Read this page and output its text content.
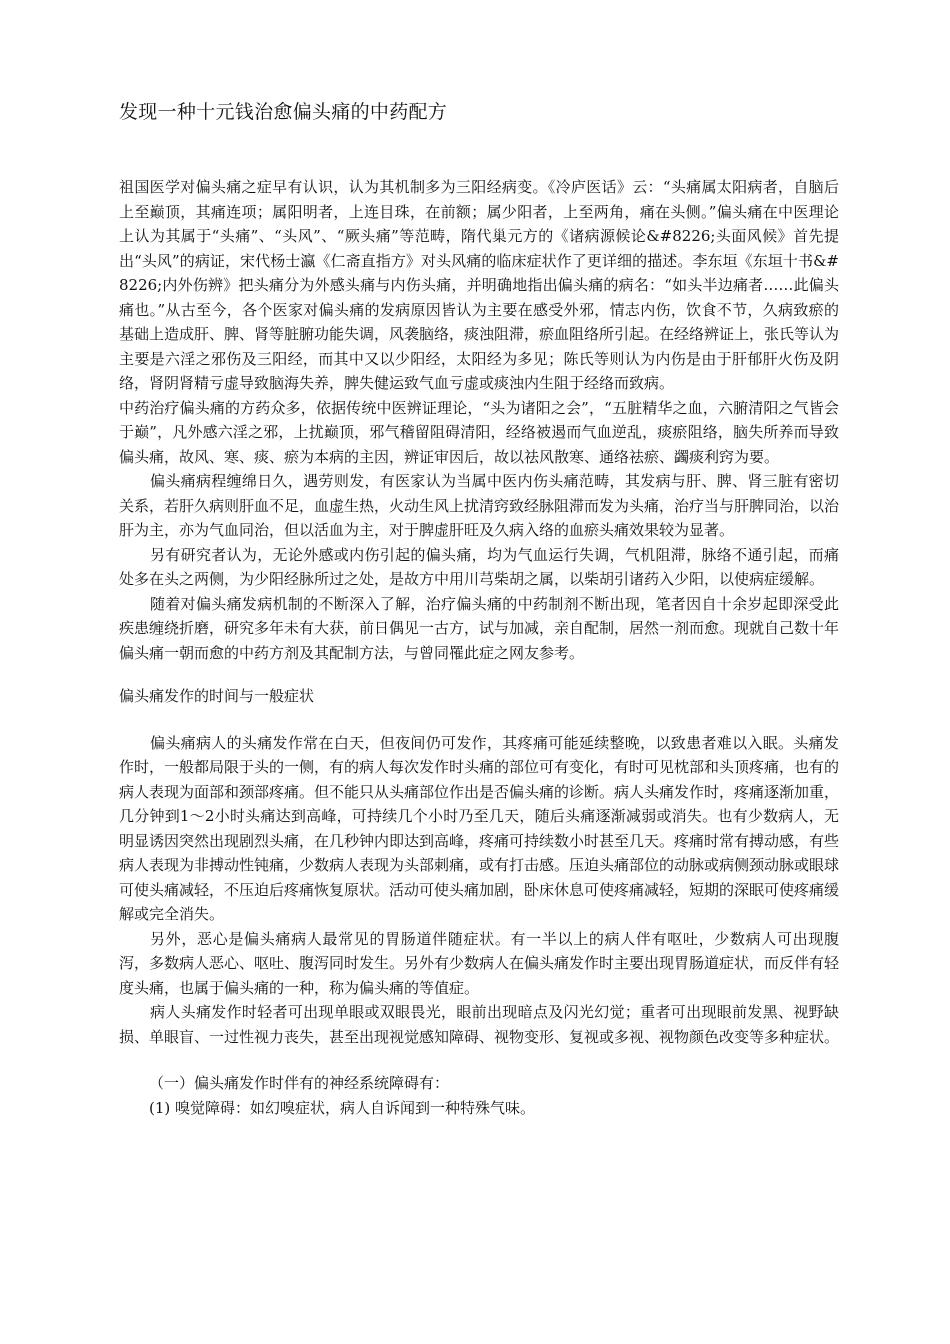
发现一种十元钱治愈偏头痛的中药配方

祖国医学对偏头痛之症早有认识，认为其机制多为三阳经病变。《冷庐医话》云：“头痛属太阳病者，自脑后上至巅顶，其痛连项；属阳明者，上连目珠，在前额；属少阳者，上至两角，痛在头侧。”偏头痛在中医理论上认为其属于“头痛”、“头风”、“厥头痛”等范畴，隋代巢元方的《诸病源候论&#8226;头面风候》首先提出“头风”的病证，宋代杨士瀛《仁斋直指方》对头风痛的临床症状作了更详细的描述。李东垣《东垣十书&#8226;内外伤辨》把头痛分为外感头痛与内伤头痛，并明确地指出偏头痛的病名：“如头半边痛者……此偏头痛也。”从古至今，各个医家对偏头痛的发病原因皆认为主要在感受外邪，情志内伤，饮食不节，久病致瘀的基础上造成肝、脾、肾等脏腑功能失调，风袭脑络，痰浊阻滞，瘀血阻络所引起。在经络辨证上，张氏等认为主要是六淫之邪伤及三阳经，而其中又以少阳经，太阳经为多见；陈氏等则认为内伤是由于肝郁肝火伤及阴络，肾阴肾精亏虚导致脑海失养，脾失健运致气血亏虚或痰浊内生阻于经络而致病。

中药治疗偏头痛的方药众多，依据传统中医辨证理论，“头为诸阳之会”，“五脏精华之血，六腑清阳之气皆会于巅”，凡外感六淫之邪，上扰巅顶，邪气稽留阻碍清阳，经络被遏而气血逆乱，痰瘀阻络，脑失所养而导致偏头痛，故风、寒、痰、瘀为本病的主因，辨证审因后，故以祛风散寒、通络祛瘀、蠲痰利窍为要。

偏头痛病程缠绵日久，遇劳则发，有医家认为当属中医内伤头痛范畴，其发病与肝、脾、肾三脏有密切关系，若肝久病则肝血不足，血虚生热，火动生风上扰清窍致经脉阻滞而发为头痛，治疗当与肝脾同治，以治肝为主，亦为气血同治，但以活血为主，对于脾虚肝旺及久病入络的血瘀头痛效果较为显著。

另有研究者认为，无论外感或内伤引起的偏头痛，均为气血运行失调，气机阻滞，脉络不通引起，而痛处多在头之两侧，为少阳经脉所过之处，是故方中用川芎柴胡之属，以柴胡引诸药入少阳，以使病症缓解。

随着对偏头痛发病机制的不断深入了解，治疗偏头痛的中药制剂不断出现，笔者因自十余岁起即深受此疾患缠绕折磨，研究多年未有大获，前日偶见一古方，试与加减，亲自配制，居然一剂而愈。现就自己数十年偏头痛一朝而愈的中药方剂及其配制方法，与曾同罹此症之网友参考。

偏头痛发作的时间与一般症状

偏头痛病人的头痛发作常在白天，但夜间仍可发作，其疼痛可能延续整晚，以致患者难以入眠。头痛发作时，一般都局限于头的一侧，有的病人每次发作时头痛的部位可有变化，有时可见枕部和头顶疼痛，也有的病人表现为面部和颈部疼痛。但不能只从头痛部位作出是否偏头痛的诊断。病人头痛发作时，疼痛逐渐加重，几分钟到1～2小时头痛达到高峰，可持续几个小时乃至几天，随后头痛逐渐减弱或消失。也有少数病人，无明显诱因突然出现剧烈头痛，在几秒钟内即达到高峰，疼痛可持续数小时甚至几天。疼痛时常有搏动感，有些病人表现为非搏动性钝痛，少数病人表现为头部刺痛，或有打击感。压迫头痛部位的动脉或病侧颈动脉或眼球可使头痛减轻，不压迫后疼痛恢复原状。活动可使头痛加剧，卧床休息可使疼痛减轻，短期的深眠可使疼痛缓解或完全消失。

另外，恶心是偏头痛病人最常见的胃肠道伴随症状。有一半以上的病人伴有呕吐，少数病人可出现腹泻，多数病人恶心、呕吐、腹泻同时发生。另外有少数病人在偏头痛发作时主要出现胃肠道症状，而反伴有轻度头痛，也属于偏头痛的一种，称为偏头痛的等值症。

病人头痛发作时轻者可出现单眼或双眼畏光，眼前出现暗点及闪光幻觉；重者可出现眼前发黑、视野缺损、单眼盲、一过性视力丧失，甚至出现视觉感知障碍、视物变形、复视或多视、视物颜色改变等多种症状。

（一）偏头痛发作时伴有的神经系统障碍有：

(1) 嗅觉障碍：如幻嗅症状，病人自诉闻到一种特殊气味。
